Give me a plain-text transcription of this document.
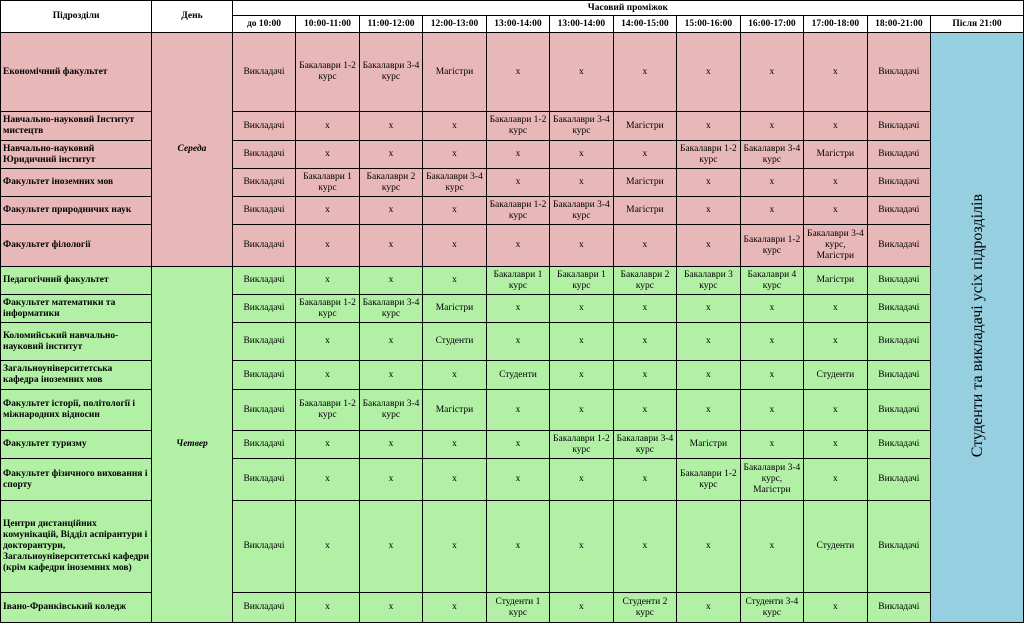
Підрозділи	День	Часовий проміжок											
		до 10:00	10:00-11:00	11:00-12:00	12:00-13:00	13:00-14:00	13:00-14:00	14:00-15:00	15:00-16:00	16:00-17:00	17:00-18:00	18:00-21:00	Після 21:00
Економічний факультет	Середа	Викладачі	Бакалаври 1-2 курс	Бакалаври 3-4 курс	Магістри	х	х	х	х	х	х	Викладачі	Студенти та викладачі усіх підрозділів
Навчально-науковий Інститут мистецтв		Викладачі	х	х	х	Бакалаври 1-2 курс	Бакалаври 3-4 курс	Магістри	х	х	х	Викладачі	
Навчально-науковий Юридичний інститут		Викладачі	х	х	х	х	х	х	Бакалаври 1-2 курс	Бакалаври 3-4 курс	Магістри	Викладачі	
Факультет іноземних мов		Викладачі	Бакалаври 1 курс	Бакалаври 2 курс	Бакалаври 3-4 курс	х	х	Магістри	х	х	х	Викладачі	
Факультет природничих наук		Викладачі	х	х	х	Бакалаври 1-2 курс	Бакалаври 3-4 курс	Магістри	х	х	х	Викладачі	
Факультет філології		Викладачі	х	х	х	х	х	х	х	Бакалаври 1-2 курс	Бакалаври 3-4 курс, Магістри	Викладачі	
Педагогічний факультет	Четвер	Викладачі	х	х	х	Бакалаври 1 курс	Бакалаври 1 курс	Бакалаври 2 курс	Бакалаври 3 курс	Бакалаври 4 курс	Магістри	Викладачі	
Факультет математики та інформатики		Викладачі	Бакалаври 1-2 курс	Бакалаври 3-4 курс	Магістри	х	х	х	х	х	х	Викладачі	
Коломийський навчально-науковий інститут		Викладачі	х	х	Студенти	х	х	х	х	х	х	Викладачі	
Загальноуніверситетська кафедра іноземних мов		Викладачі	х	х	х	Студенти	х	х	х	х	Студенти	Викладачі	
Факультет історії, політології і міжнародних відносин		Викладачі	Бакалаври 1-2 курс	Бакалаври 3-4 курс	Магістри	х	х	х	х	х	х	Викладачі	
Факультет туризму		Викладачі	х	х	х	х	Бакалаври 1-2 курс	Бакалаври 3-4 курс	Магістри	х	х	Викладачі	
Факультет фізичного виховання і спорту		Викладачі	х	х	х	х	х	х	Бакалаври 1-2 курс	Бакалаври 3-4 курс, Магістри	х	Викладачі	
Центри дистанційних комунікацій, Відділ аспірантури і докторантури, Загальноуніверситетські кафедри (крім кафедри іноземних мов)		Викладачі	х	х	х	х	х	х	х	х	Студенти	Викладачі	
Івано-Франківський коледж		Викладачі	х	х	х	Студенти 1 курс	х	Студенти 2 курс	х	Студенти 3-4 курс	х	Викладачі	
